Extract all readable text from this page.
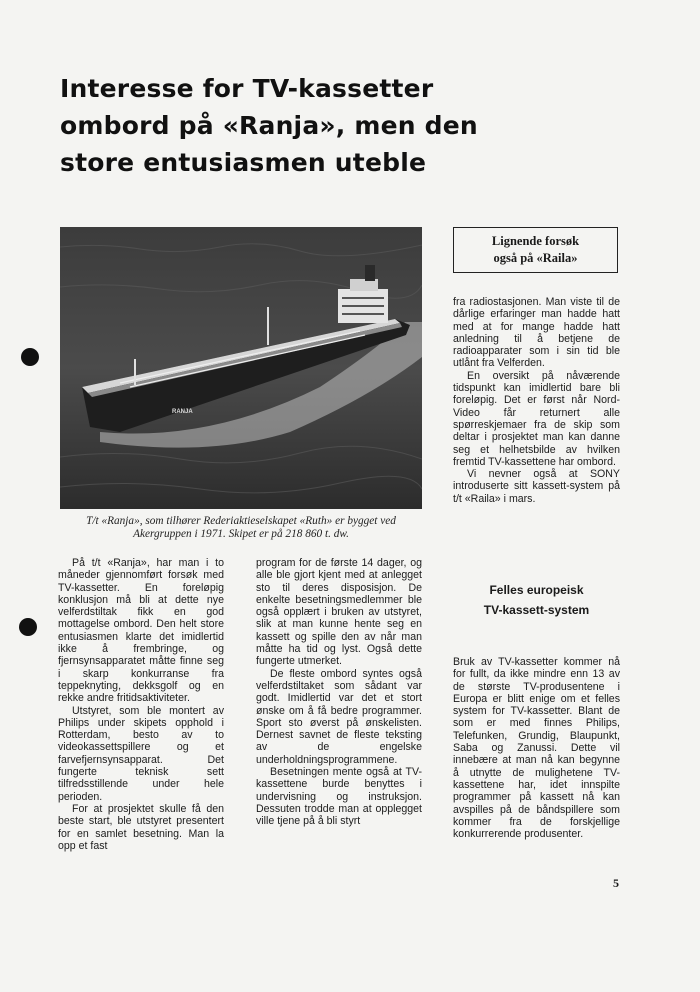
Interesse for TV-kassetter
ombord på «Ranja», men den
store entusiasmen uteble
RANJA
T/t «Ranja», som tilhører Rederiaktieselskapet «Ruth» er bygget ved Akergruppen i 1971. Skipet er på 218 860 t. dw.

På t/t «Ranja», har man i to måneder gjennomført forsøk med TV-kassetter. En foreløpig konklusjon må bli at dette nye velferdstiltak fikk en god mottagelse ombord. Den helt store entusiasmen klarte det imidlertid ikke å frembringe, og fjernsynsapparatet måtte finne seg i skarp konkurranse fra teppeknyting, dekksgolf og en rekke andre fritidsaktiviteter.

Utstyret, som ble montert av Philips under skipets opphold i Rotterdam, besto av to videokassettspillere og et farvefjernsynsapparat. Det fungerte teknisk sett tilfredsstillende under hele perioden.

For at prosjektet skulle få den beste start, ble utstyret presentert for en samlet besetning. Man la opp et fast

program for de første 14 dager, og alle ble gjort kjent med at anlegget sto til deres disposisjon. De enkelte besetningsmedlemmer ble også opplært i bruken av utstyret, slik at man kunne hente seg en kassett og spille den av når man måtte ha tid og lyst. Også dette fungerte utmerket.

De fleste ombord syntes også velferdstiltaket som sådant var godt. Imidlertid var det et stort ønske om å få bedre programmer. Sport sto øverst på ønskelisten. Dernest savnet de fleste teksting av de engelske underholdningsprogrammene.

Besetningen mente også at TV-kassettene burde benyttes i undervisning og instruksjon. Dessuten trodde man at opplegget ville tjene på å bli styrt

Lignende forsøk
også på «Raila»

fra radiostasjonen. Man viste til de dårlige erfaringer man hadde hatt med at for mange hadde hatt anledning til å betjene de radioapparater som i sin tid ble utlånt fra Velferden.

En oversikt på nåværende tidspunkt kan imidlertid bare bli foreløpig. Det er først når Nord-Video får returnert alle spørreskjemaer fra de skip som deltar i prosjektet man kan danne seg et helhetsbilde av hvilken fremtid TV-kassettene har ombord.

Vi nevner også at SONY introduserte sitt kassett-system på t/t «Raila» i mars.

Felles europeisk
TV-kassett-system

Bruk av TV-kassetter kommer nå for fullt, da ikke mindre enn 13 av de største TV-produsentene i Europa er blitt enige om et felles system for TV-kassetter. Blant de som er med finnes Philips, Telefunken, Grundig, Blaupunkt, Saba og Zanussi. Dette vil innebære at man nå kan begynne å utnytte de mulighetene TV-kassettene har, idet innspilte programmer på kassett nå kan avspilles på de båndspillere som kommer fra de forskjellige konkurrerende produsenter.

5
